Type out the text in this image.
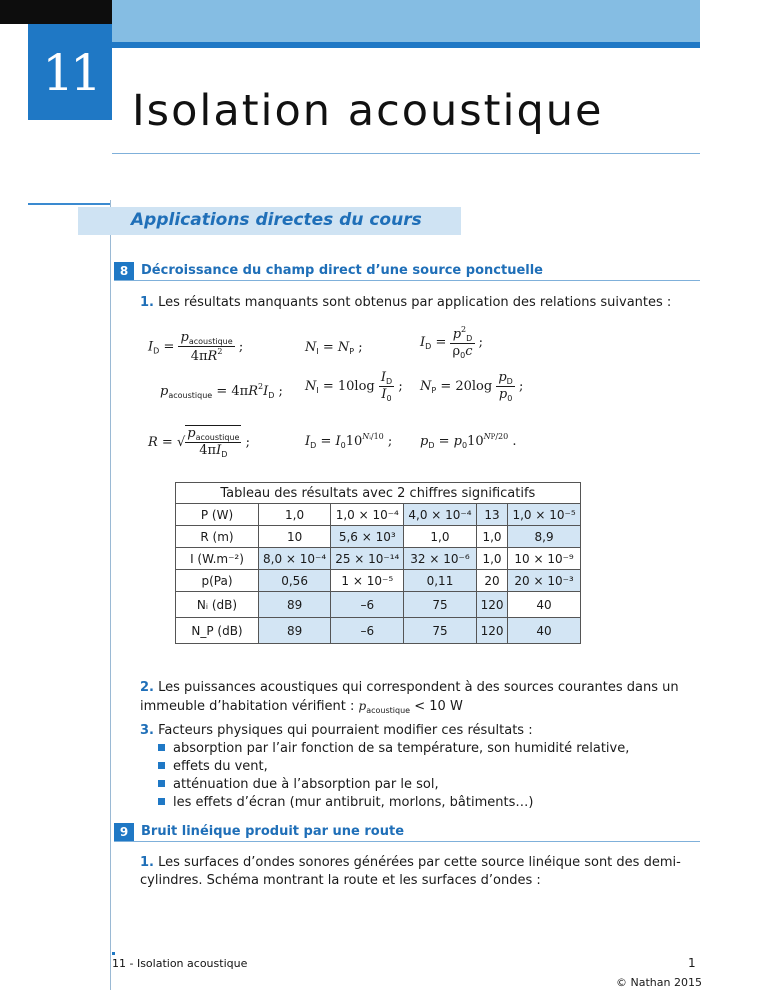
11
Isolation acoustique
Applications directes du cours
8 Décroissance du champ direct d’une source ponctuelle
1. Les résultats manquants sont obtenus par application des relations suivantes :
$I_D = \frac{p_{acoustique}}{4\pi R^2}$ ;	$N_I = N_P$ ;	$I_D = \frac{p^2_D}{\rho_0c}$ ;
$p_{acoustique} = 4\pi R^2I_D$ ; $N_I = 10\log \frac{I_D}{I_0}$ ; $N_P = 20\log \frac{p_D}{p_0}$ ;
R = √ $\frac{p_{acoustique}}{4\pi I_D}$ ;	$I_D = I_010^{Nᵢ/10}$ ; $p_D = p_010^{NP/20}$ .
Tableau des résultats avec 2 chiffres significatifs					
P (W)	1,0	1,0 × 10⁻⁴	4,0 × 10⁻⁴	13	1,0 × 10⁻⁵
R (m)	10	5,6 × 10³	1,0	1,0	8,9
I (W.m⁻²)	8,0 × 10⁻⁴	25 × 10⁻¹⁴	32 × 10⁻⁶	1,0	10 × 10⁻⁹
p(Pa)	0,56	1 × 10⁻⁵	0,11	20	20 × 10⁻³
Nᵢ (dB)	89	–6	75	120	40
N_P (dB)	89	–6	75	120	40
2. Les puissances acoustiques qui correspondent à des sources courantes dans un immeuble d’habitation vérifient : $p_{acoustique} < 10$ W
3. Facteurs physiques qui pourraient modifier ces résultats :
absorption par l’air fonction de sa température, son humidité relative,
effets du vent,
atténuation due à l’absorption par le sol,
les effets d’écran (mur antibruit, morlons, bâtiments…)
9 Bruit linéique produit par une route
1. Les surfaces d’ondes sonores générées par cette source linéique sont des demi-cylindres. Schéma montrant la route et les surfaces d’ondes :
11 - Isolation acoustique	1
© Nathan 2015
